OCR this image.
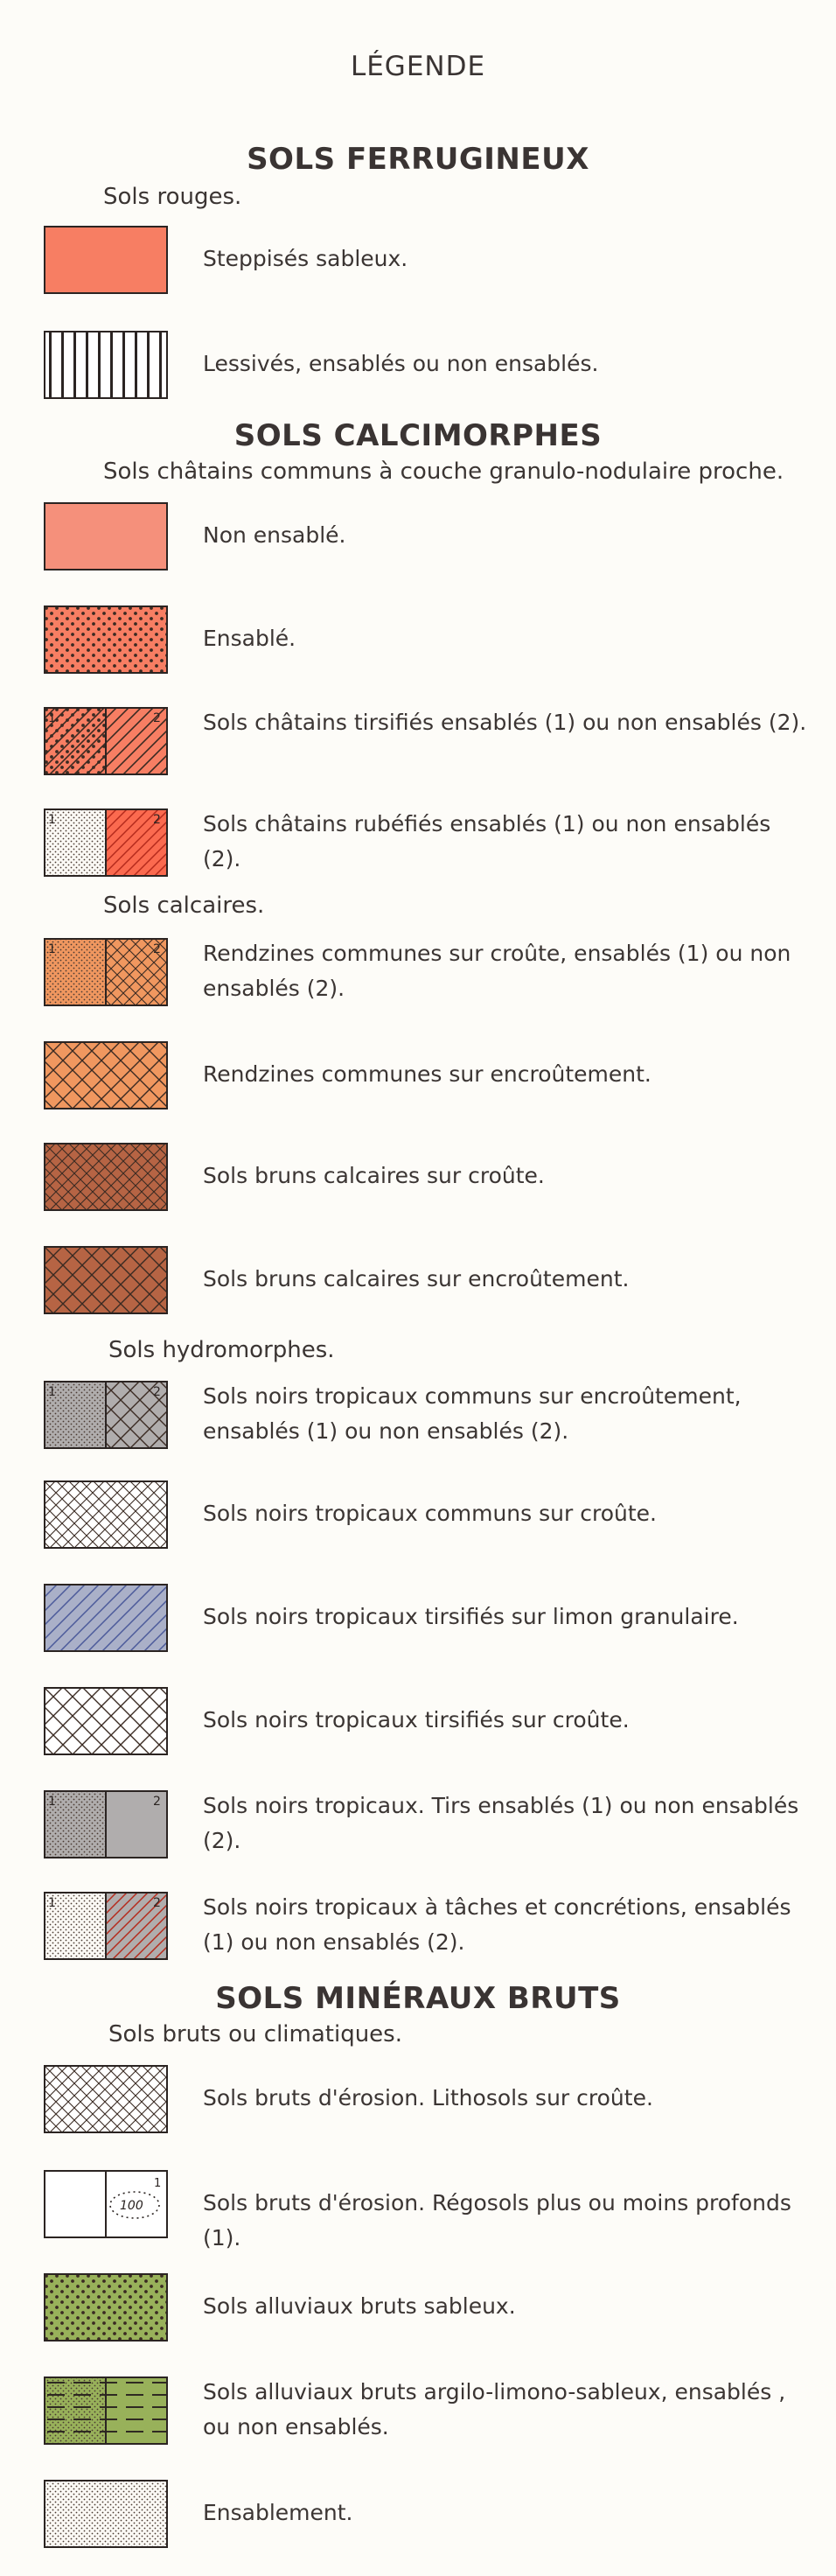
LÉGENDE
SOLS FERRUGINEUX
Sols rouges.
Steppisés sableux.
Lessivés, ensablés ou non ensablés.
SOLS CALCIMORPHES
Sols châtains communs à couche granulo-nodulaire proche.
Non ensablé.
Ensablé.
1	2 Sols châtains tirsifiés ensablés (1) ou non ensablés (2).
1	2 Sols châtains rubéfiés ensablés (1) ou non ensablés (2).
Sols calcaires.
1	2 Rendzines communes sur croûte, ensablés (1) ou non ensablés (2).
Rendzines communes sur encroûtement.
Sols bruns calcaires sur croûte.
Sols bruns calcaires sur encroûtement.
Sols hydromorphes.
1	2 Sols noirs tropicaux communs sur encroûtement, ensablés (1) ou non ensablés (2).
Sols noirs tropicaux communs sur croûte.
Sols noirs tropicaux tirsifiés sur limon granulaire.
Sols noirs tropicaux tirsifiés sur croûte.
1	2 Sols noirs tropicaux. Tirs ensablés (1) ou non ensablés (2).
1	2 Sols noirs tropicaux à tâches et concrétions, ensablés (1) ou non ensablés (2).
SOLS MINÉRAUX BRUTS
Sols bruts ou climatiques.
Sols bruts d'érosion. Lithosols sur croûte.
100
1
Sols bruts d'érosion. Régosols plus ou moins profonds (1).
Sols alluviaux bruts sableux.
Sols alluviaux bruts argilo-limono-sableux, ensablés , ou non ensablés.
Ensablement.
